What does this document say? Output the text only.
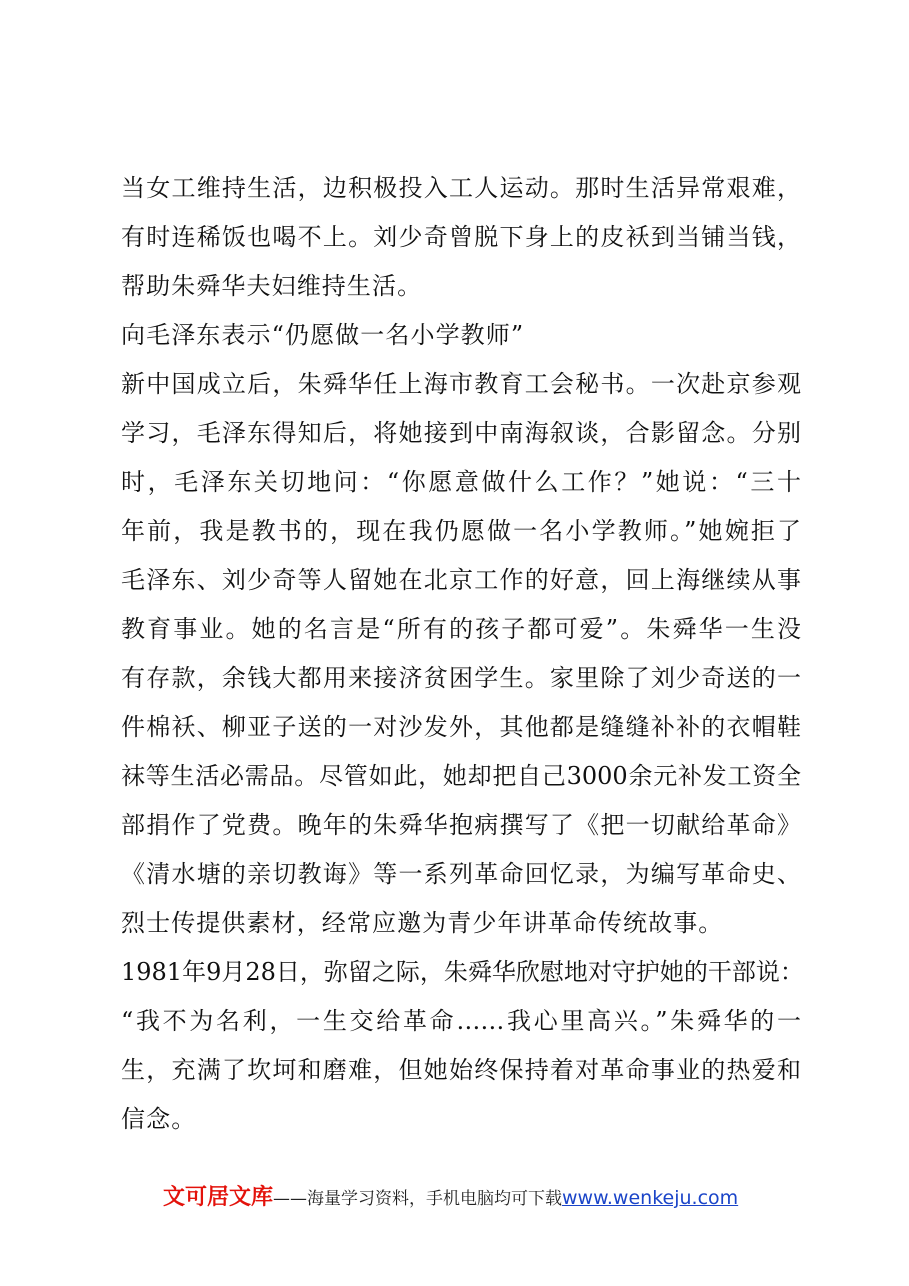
当女工维持生活，边积极投入工人运动。那时生活异常艰难，
有时连稀饭也喝不上。刘少奇曾脱下身上的皮袄到当铺当钱，
帮助朱舜华夫妇维持生活。
向毛泽东表示“仍愿做一名小学教师”
新中国成立后，朱舜华任上海市教育工会秘书。一次赴京参观
学习，毛泽东得知后，将她接到中南海叙谈，合影留念。分别
时，毛泽东关切地问：“你愿意做什么工作？”她说：“三十
年前，我是教书的，现在我仍愿做一名小学教师。”她婉拒了
毛泽东、刘少奇等人留她在北京工作的好意，回上海继续从事
教育事业。她的名言是“所有的孩子都可爱”。朱舜华一生没
有存款，余钱大都用来接济贫困学生。家里除了刘少奇送的一
件棉袄、柳亚子送的一对沙发外，其他都是缝缝补补的衣帽鞋
袜等生活必需品。尽管如此，她却把自己3000余元补发工资全
部捐作了党费。晚年的朱舜华抱病撰写了《把一切献给革命》
《清水塘的亲切教诲》等一系列革命回忆录，为编写革命史、
烈士传提供素材，经常应邀为青少年讲革命传统故事。
1981年9月28日，弥留之际，朱舜华欣慰地对守护她的干部说：
“我不为名利，一生交给革命……我心里高兴。”朱舜华的一
生，充满了坎坷和磨难，但她始终保持着对革命事业的热爱和
信念。
文可居文库——海量学习资料，手机电脑均可下载www.wenkeju.com
